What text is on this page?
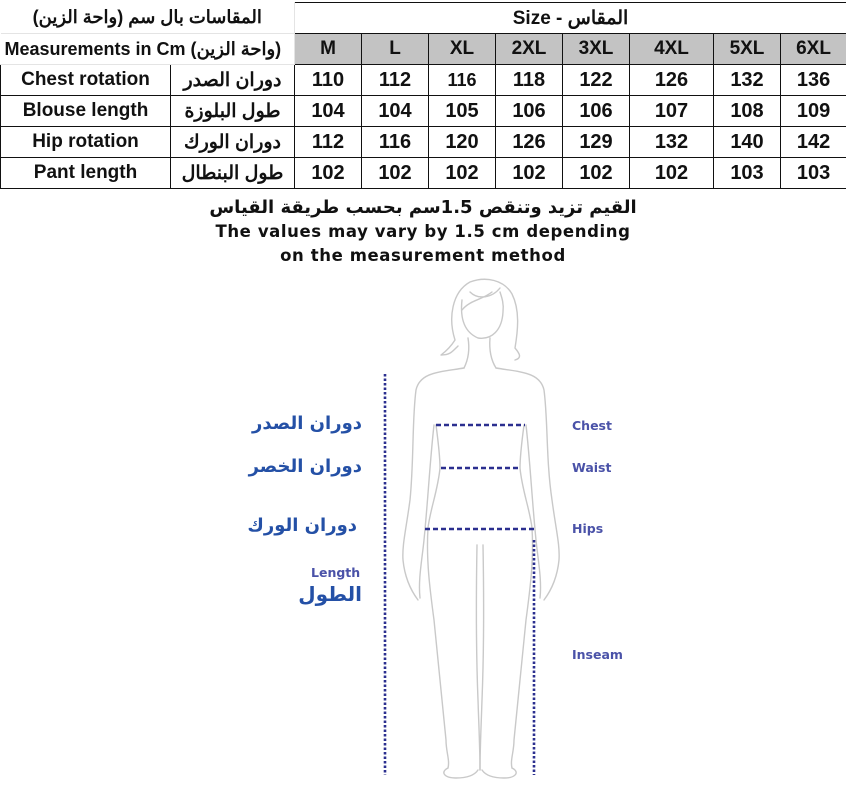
المقاسات بال سم (واحة الزين)		Size - المقاس							
Measurements in Cm (واحة الزين)		M	L	XL	2XL	3XL	4XL	5XL	6XL
Chest rotation	دوران الصدر	110	112	116	118	122	126	132	136
Blouse length	طول البلوزة	104	104	105	106	106	107	108	109
Hip rotation	دوران الورك	112	116	120	126	129	132	140	142
Pant length	طول البنطال	102	102	102	102	102	102	103	103
القيم تزيد وتنقص 1.5سم بحسب طريقة القياس
The values may vary by 1.5 cm depending
on the measurement method
دوران الصدر
دوران الخصر
دوران الورك
Length
الطول
Chest
Waist
Hips
Inseam
